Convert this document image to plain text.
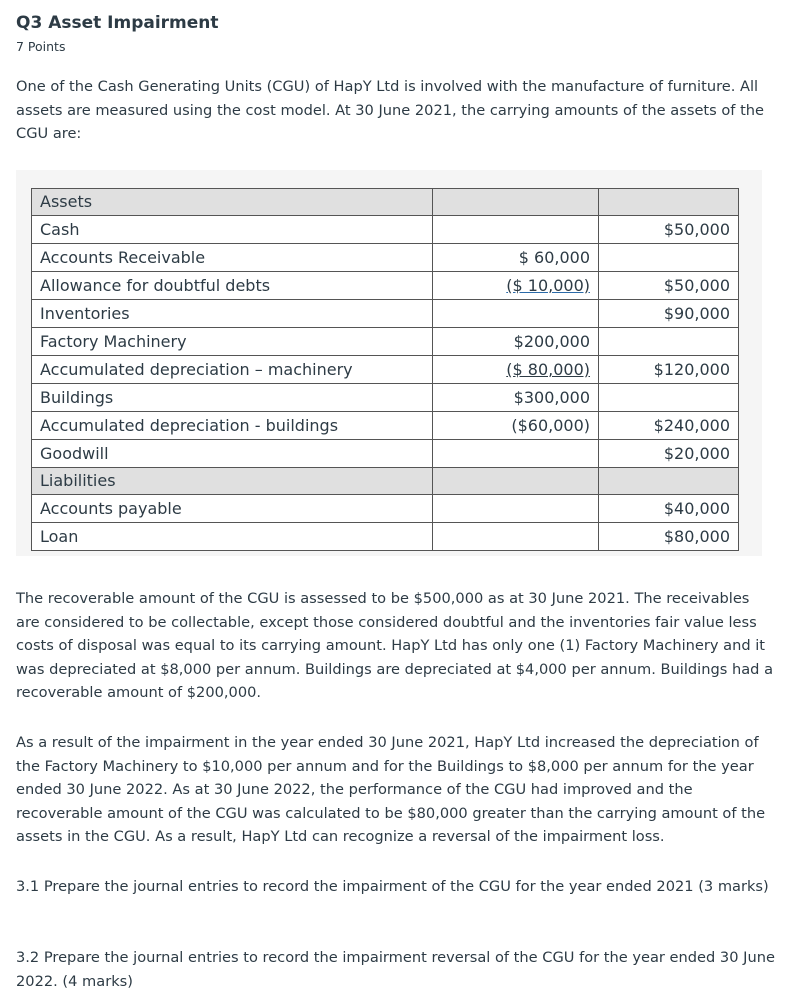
Q3 Asset Impairment
7 Points

One of the Cash Generating Units (CGU) of HapY Ltd is involved with the manufacture of furniture. All assets are measured using the cost model. At 30 June 2021, the carrying amounts of the assets of the CGU are:

Assets		
Cash		$50,000
Accounts Receivable	$ 60,000	
Allowance for doubtful debts	($ 10,000)	$50,000
Inventories		$90,000
Factory Machinery	$200,000	
Accumulated depreciation – machinery	($ 80,000)	$120,000
Buildings	$300,000	
Accumulated depreciation - buildings	($60,000)	$240,000
Goodwill		$20,000
Liabilities		
Accounts payable		$40,000
Loan		$80,000

The recoverable amount of the CGU is assessed to be $500,000 as at 30 June 2021. The receivables are considered to be collectable, except those considered doubtful and the inventories fair value less costs of disposal was equal to its carrying amount. HapY Ltd has only one (1) Factory Machinery and it was depreciated at $8,000 per annum. Buildings are depreciated at $4,000 per annum. Buildings had a recoverable amount of $200,000.

As a result of the impairment in the year ended 30 June 2021, HapY Ltd increased the depreciation of the Factory Machinery to $10,000 per annum and for the Buildings to $8,000 per annum for the year ended 30 June 2022. As at 30 June 2022, the performance of the CGU had improved and the recoverable amount of the CGU was calculated to be $80,000 greater than the carrying amount of the assets in the CGU. As a result, HapY Ltd can recognize a reversal of the impairment loss.

3.1 Prepare the journal entries to record the impairment of the CGU for the year ended 2021 (3 marks)

3.2 Prepare the journal entries to record the impairment reversal of the CGU for the year ended 30 June 2022. (4 marks)
